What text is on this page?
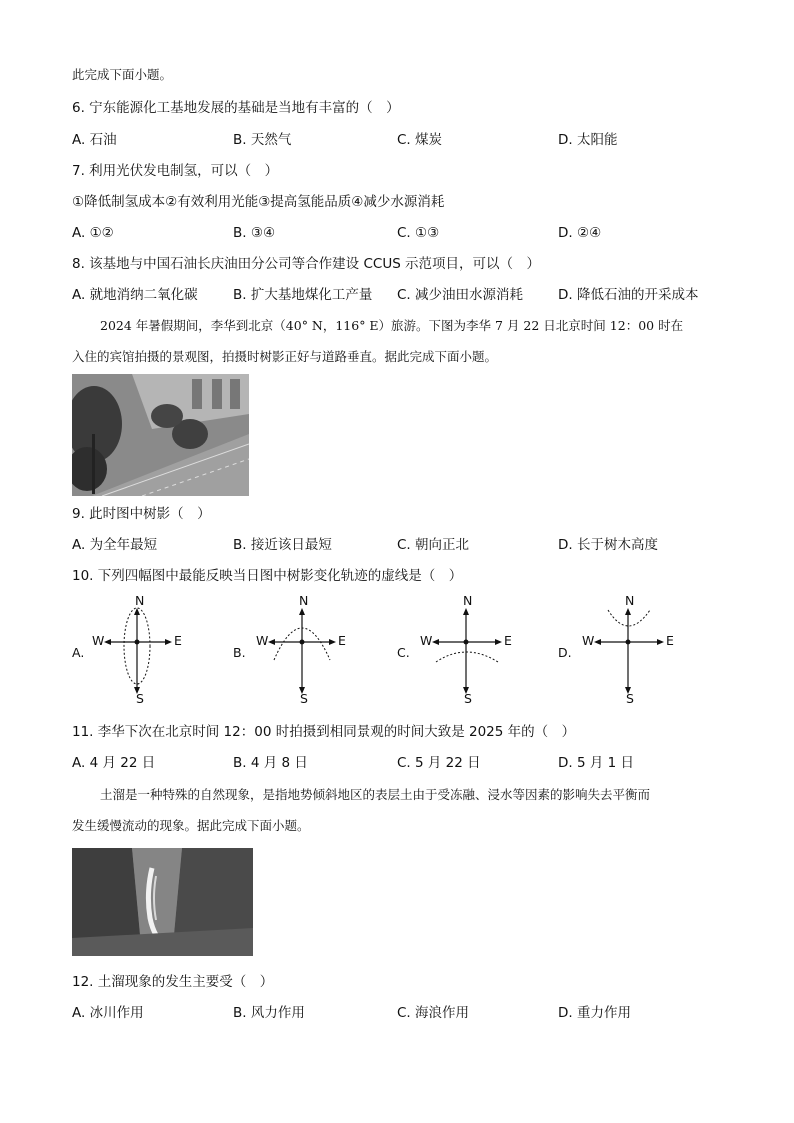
此完成下面小题。
6. 宁东能源化工基地发展的基础是当地有丰富的（　）
A. 石油	B. 天然气	C. 煤炭	D. 太阳能
7. 利用光伏发电制氢，可以（　）
①降低制氢成本②有效利用光能③提高氢能品质④减少水源消耗
A. ①②	B. ③④	C. ①③	D. ②④
8. 该基地与中国石油长庆油田分公司等合作建设 CCUS 示范项目，可以（　）
A. 就地消纳二氧化碳	B. 扩大基地煤化工产量 C. 减少油田水源消耗	D. 降低石油的开采成本
2024 年暑假期间，李华到北京（40° N，116° E）旅游。下图为李华 7 月 22 日北京时间 12：00 时在
入住的宾馆拍摄的景观图，拍摄时树影正好与道路垂直。据此完成下面小题。
9. 此时图中树影（　）
A. 为全年最短	B. 接近该日最短	C. 朝向正北	D. 长于树木高度
10. 下列四幅图中最能反映当日图中树影变化轨迹的虚线是（　）
A.
N
S
W	E
B.
N
S
W	E
C.
N
S
W	E
D.
N
S
W	E
11. 李华下次在北京时间 12：00 时拍摄到相同景观的时间大致是 2025 年的（　）
A. 4 月 22 日	B. 4 月 8 日	C. 5 月 22 日	D. 5 月 1 日
土溜是一种特殊的自然现象，是指地势倾斜地区的表层土由于受冻融、浸水等因素的影响失去平衡而
发生缓慢流动的现象。据此完成下面小题。
12. 土溜现象的发生主要受（　）
A. 冰川作用	B. 风力作用	C. 海浪作用	D. 重力作用
